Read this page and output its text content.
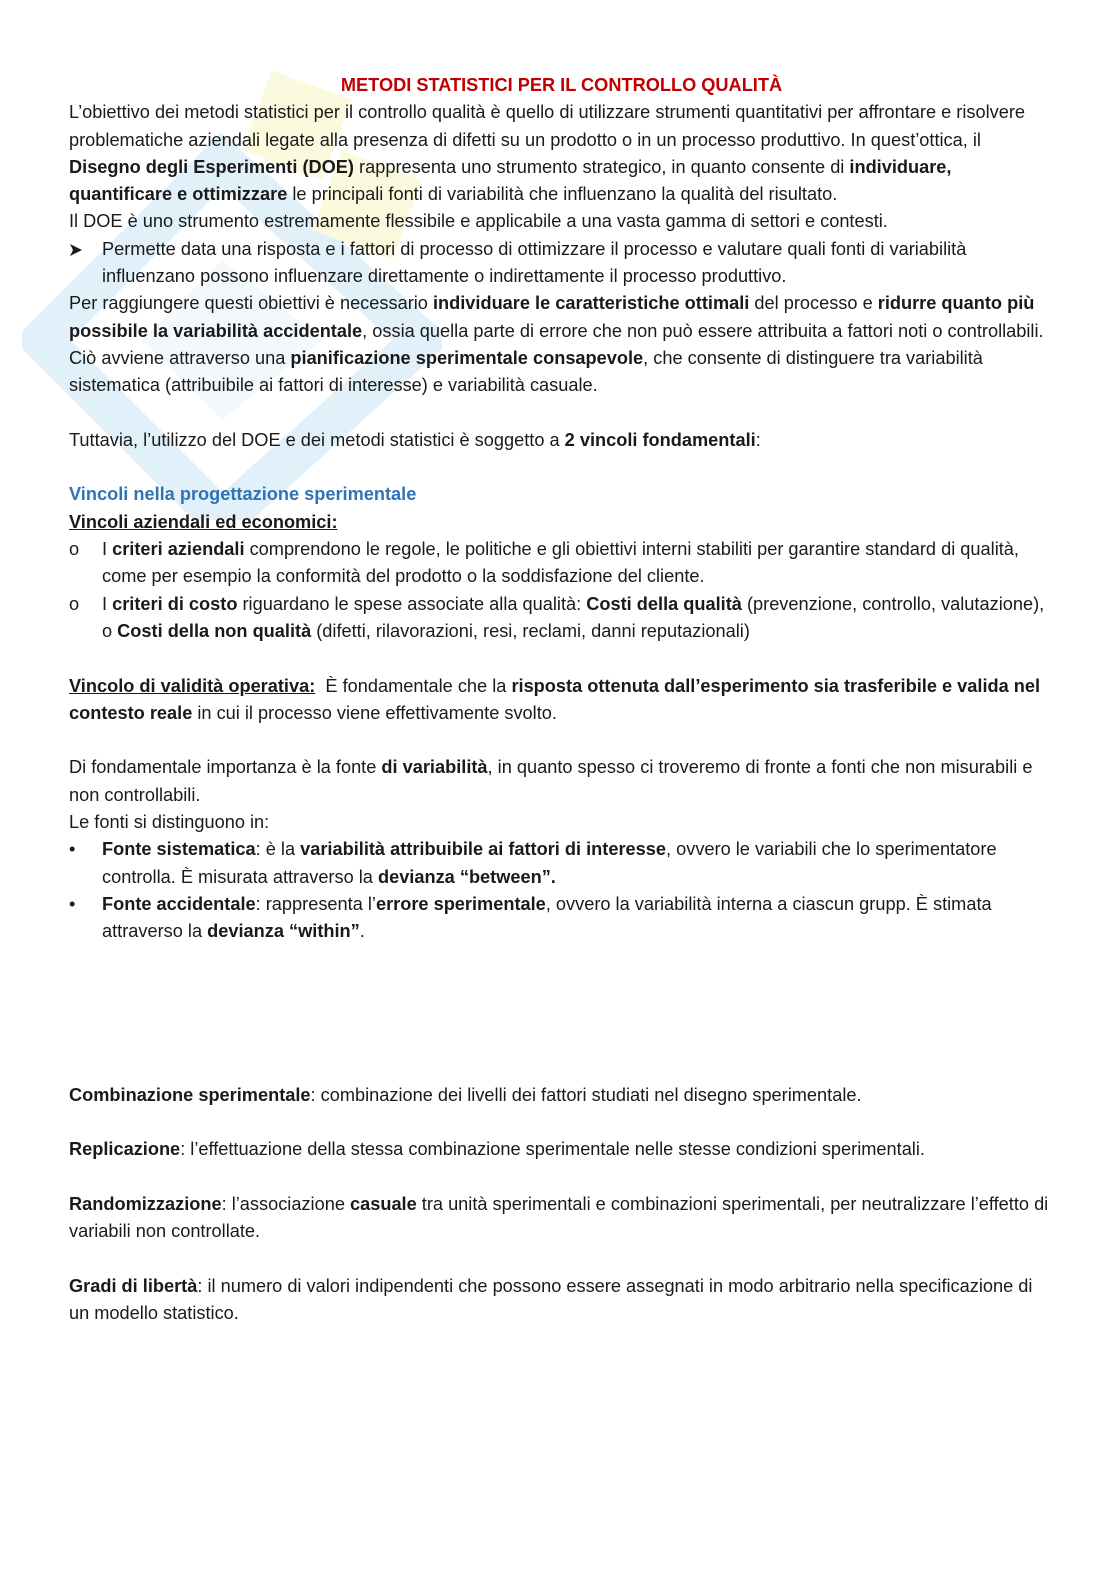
METODI STATISTICI PER IL CONTROLLO QUALITÀ

L’obiettivo dei metodi statistici per il controllo qualità è quello di utilizzare strumenti quantitativi per affrontare e risolvere problematiche aziendali legate alla presenza di difetti su un prodotto o in un processo produttivo. In quest’ottica, il Disegno degli Esperimenti (DOE) rappresenta uno strumento strategico, in quanto consente di individuare, quantificare e ottimizzare le principali fonti di variabilità che influenzano la qualità del risultato.

Il DOE è uno strumento estremamente flessibile e applicabile a una vasta gamma di settori e contesti.

Permette data una risposta e i fattori di processo di ottimizzare il processo e valutare quali fonti di variabilità influenzano possono influenzare direttamente o indirettamente il processo produttivo.

Per raggiungere questi obiettivi è necessario individuare le caratteristiche ottimali del processo e ridurre quanto più possibile la variabilità accidentale, ossia quella parte di errore che non può essere attribuita a fattori noti o controllabili. Ciò avviene attraverso una pianificazione sperimentale consapevole, che consente di distinguere tra variabilità sistematica (attribuibile ai fattori di interesse) e variabilità casuale.

Tuttavia, l’utilizzo del DOE e dei metodi statistici è soggetto a 2 vincoli fondamentali:

Vincoli nella progettazione sperimentale

Vincoli aziendali ed economici:

o	I criteri aziendali comprendono le regole, le politiche e gli obiettivi interni stabiliti per garantire standard di qualità, come per esempio la conformità del prodotto o la soddisfazione del cliente.
o	I criteri di costo riguardano le spese associate alla qualità: Costi della qualità (prevenzione, controllo, valutazione), o Costi della non qualità (difetti, rilavorazioni, resi, reclami, danni reputazionali)

Vincolo di validità operativa:  È fondamentale che la risposta ottenuta dall’esperimento sia trasferibile e valida nel contesto reale in cui il processo viene effettivamente svolto.

Di fondamentale importanza è la fonte di variabilità, in quanto spesso ci troveremo di fronte a fonti che non misurabili e non controllabili.

Le fonti si distinguono in:

•	Fonte sistematica: è la variabilità attribuibile ai fattori di interesse, ovvero le variabili che lo sperimentatore controlla. È misurata attraverso la devianza “between”.
•	Fonte accidentale: rappresenta l’errore sperimentale, ovvero la variabilità interna a ciascun grupp. È stimata attraverso la devianza “within”.

Combinazione sperimentale: combinazione dei livelli dei fattori studiati nel disegno sperimentale.

Replicazione: l’effettuazione della stessa combinazione sperimentale nelle stesse condizioni sperimentali.

Randomizzazione: l’associazione casuale tra unità sperimentali e combinazioni sperimentali, per neutralizzare l’effetto di variabili non controllate.

Gradi di libertà: il numero di valori indipendenti che possono essere assegnati in modo arbitrario nella specificazione di un modello statistico.
